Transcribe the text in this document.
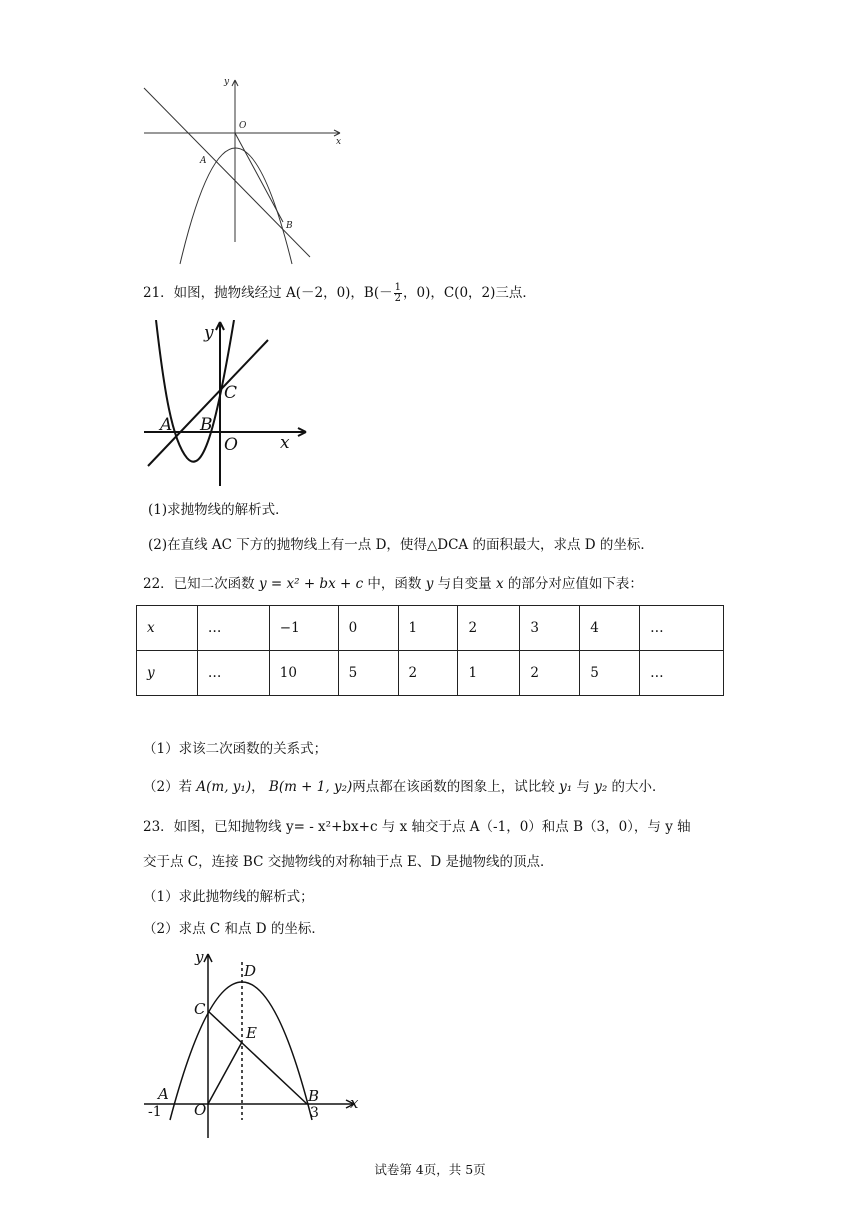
y
x
O
A
B
21．如图，抛物线经过 A(－2，0)，$B(- \frac{1}{2}$ ，0)，C(0，2)三点．
y
x
A B
C
O
(1)求抛物线的解析式．
(2)在直线 AC 下方的抛物线上有一点 D，使得△DCA 的面积最大，求点 D 的坐标．
22．已知二次函数 y = x² + bx + c 中，函数 y 与自变量 x 的部分对应值如下表：
x	…	−1	0	1	2	3	4	…
y	…	10	5	2	1	2	5	…
（1）求该二次函数的关系式；
（2）若 A(m, y₁)， B(m + 1, y₂)两点都在该函数的图象上，试比较 y₁ 与 y₂ 的大小．
23．如图，已知抛物线 y= ‐ x²+bx+c 与 x 轴交于点 A（‐1，0）和点 B（3，0），与 y 轴
交于点 C，连接 BC 交抛物线的对称轴于点 E、D 是抛物线的顶点．
（1）求此抛物线的解析式；
（2）求点 C 和点 D 的坐标．
y
x
D
C
E
A	B
O
-1	3
试卷第 4页，共 5页
